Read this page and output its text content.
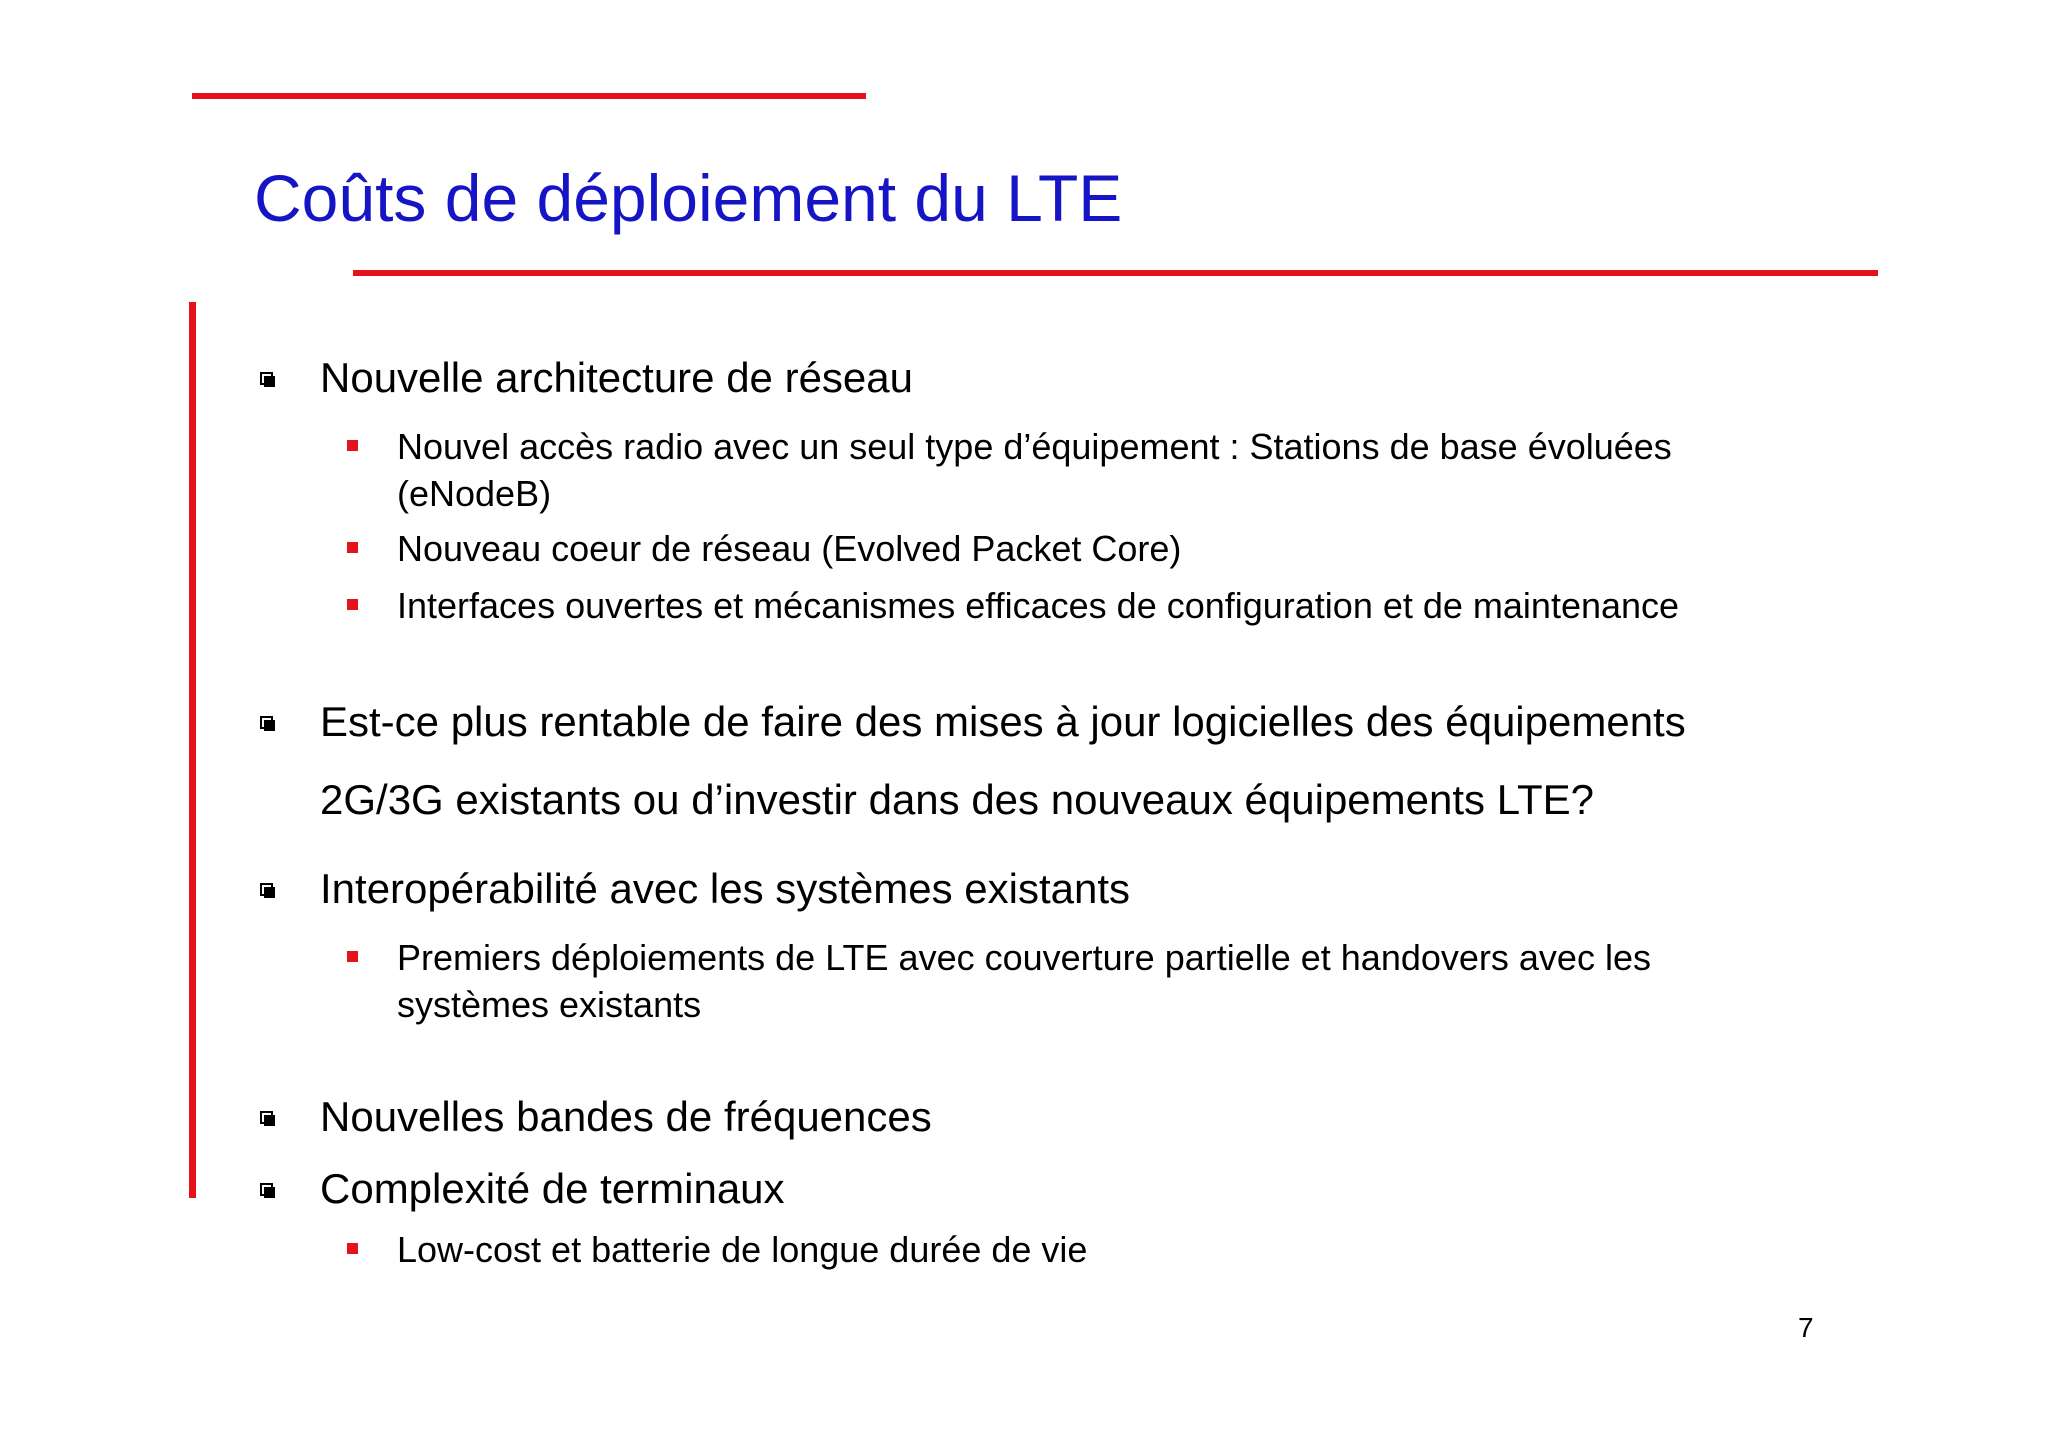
Coûts de déploiement du LTE
Nouvelle architecture de réseau
Nouvel accès radio avec un seul type d’équipement : Stations de base évoluées
(eNodeB)
Nouveau coeur de réseau (Evolved Packet Core)
Interfaces ouvertes et mécanismes efficaces de configuration et de maintenance
Est-ce plus rentable de faire des mises à jour logicielles des équipements
2G/3G existants ou d’investir dans des nouveaux équipements LTE?
Interopérabilité avec les systèmes existants
Premiers déploiements de LTE avec couverture partielle et handovers avec les
systèmes existants
Nouvelles bandes de fréquences
Complexité de terminaux
Low-cost et batterie de longue durée de vie
7
